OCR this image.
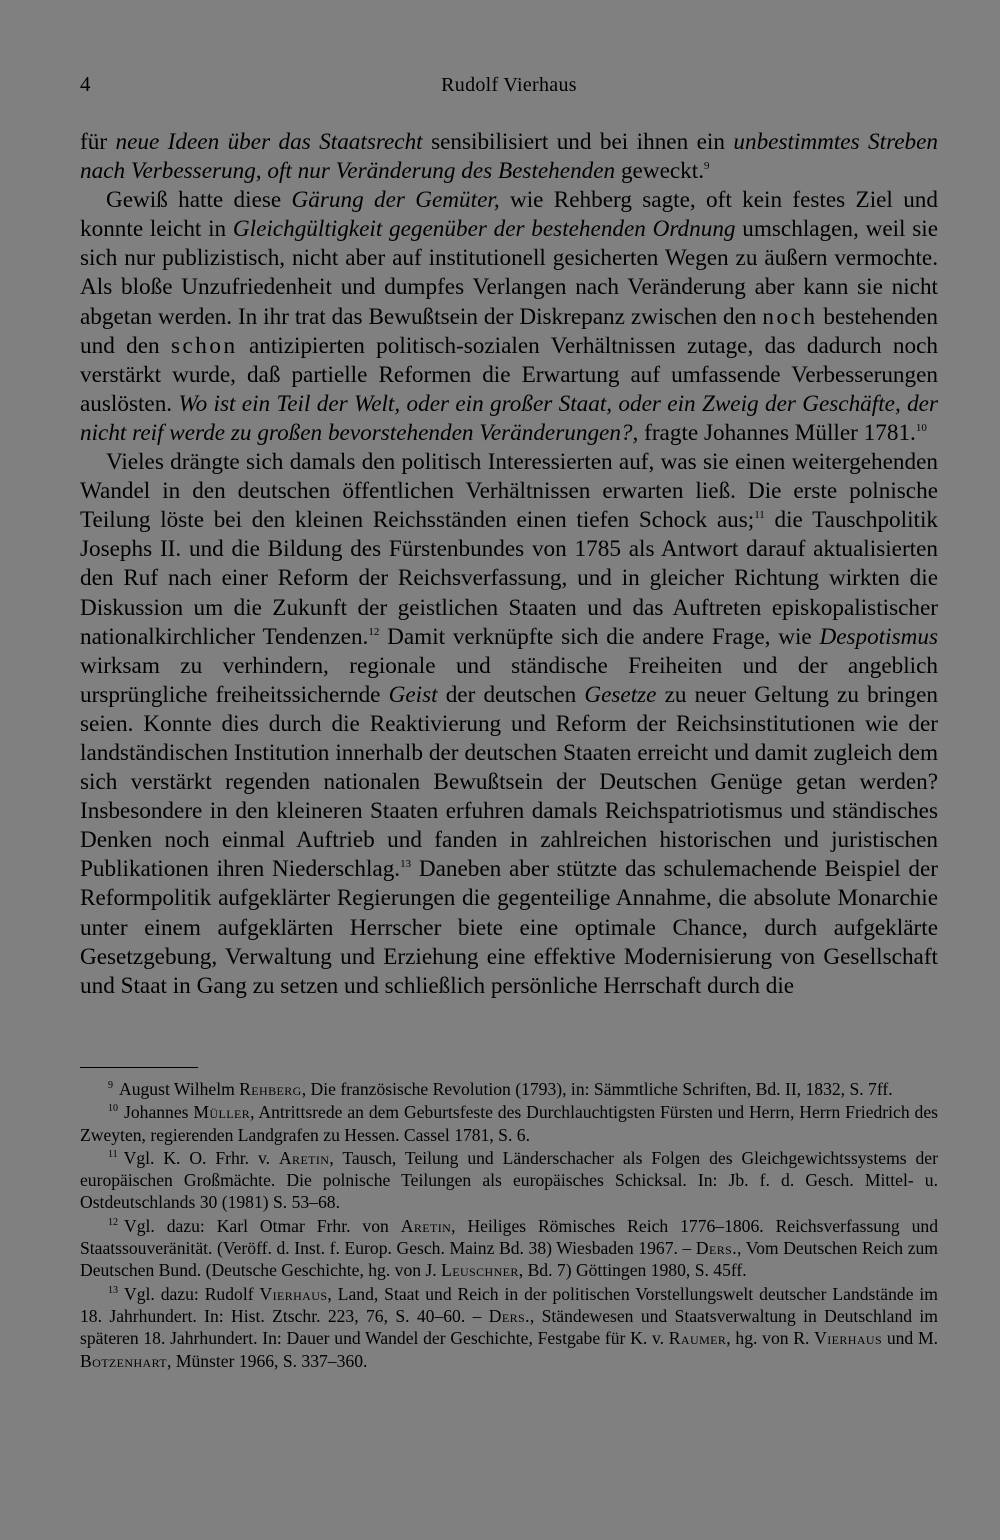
4	Rudolf Vierhaus

für neue Ideen über das Staatsrecht sensibilisiert und bei ihnen ein unbestimmtes Streben nach Verbesserung, oft nur Veränderung des Bestehenden geweckt.$^9$

Gewiß hatte diese Gärung der Gemüter, wie Rehberg sagte, oft kein festes Ziel und konnte leicht in Gleichgültigkeit gegenüber der bestehenden Ordnung umschlagen, weil sie sich nur publizistisch, nicht aber auf institutionell gesicherten Wegen zu äußern vermochte. Als bloße Unzufriedenheit und dumpfes Verlangen nach Veränderung aber kann sie nicht abgetan werden. In ihr trat das Bewußtsein der Diskrepanz zwischen den noch bestehenden und den schon antizipierten politisch-sozialen Verhältnissen zutage, das dadurch noch verstärkt wurde, daß partielle Reformen die Erwartung auf umfassende Verbesserungen auslösten. Wo ist ein Teil der Welt, oder ein großer Staat, oder ein Zweig der Geschäfte, der nicht reif werde zu großen bevorstehenden Veränderungen?, fragte Johannes Müller 1781.10

Vieles drängte sich damals den politisch Interessierten auf, was sie einen weitergehenden Wandel in den deutschen öffentlichen Verhältnissen erwarten ließ. Die erste polnische Teilung löste bei den kleinen Reichsständen einen tiefen Schock aus;$^{11}$ die Tauschpolitik Josephs II. und die Bildung des Fürstenbundes von 1785 als Antwort darauf aktualisierten den Ruf nach einer Reform der Reichsverfassung, und in gleicher Richtung wirkten die Diskussion um die Zukunft der geistlichen Staaten und das Auftreten episkopalistischer nationalkirchlicher Tendenzen.$^{12}$ Damit verknüpfte sich die andere Frage, wie Despotismus wirksam zu verhindern, regionale und ständische Freiheiten und der angeblich ursprüngliche freiheitssichernde Geist der deutschen Gesetze zu neuer Geltung zu bringen seien. Konnte dies durch die Reaktivierung und Reform der Reichsinstitutionen wie der landständischen Institution innerhalb der deutschen Staaten erreicht und damit zugleich dem sich verstärkt regenden nationalen Bewußtsein der Deutschen Genüge getan werden? Insbesondere in den kleineren Staaten erfuhren damals Reichspatriotismus und ständisches Denken noch einmal Auftrieb und fanden in zahlreichen historischen und juristischen Publikationen ihren Niederschlag.$^{13}$ Daneben aber stützte das schulemachende Beispiel der Reformpolitik aufgeklärter Regierungen die gegenteilige Annahme, die absolute Monarchie unter einem aufgeklärten Herrscher biete eine optimale Chance, durch aufgeklärte Gesetzgebung, Verwaltung und Erziehung eine effektive Modernisierung von Gesellschaft und Staat in Gang zu setzen und schließlich persönliche Herrschaft durch die

$^9$ August Wilhelm Rehberg, Die französische Revolution (1793), in: Sämmtliche Schriften, Bd. II, 1832, S. 7ff.

$^{10}$ Johannes Müller, Antrittsrede an dem Geburtsfeste des Durchlauchtigsten Fürsten und Herrn, Herrn Friedrich des Zweyten, regierenden Landgrafen zu Hessen. Cassel 1781, S. 6.

$^{11}$ Vgl. K. O. Frhr. v. Aretin, Tausch, Teilung und Länderschacher als Folgen des Gleichgewichtssystems der europäischen Großmächte. Die polnische Teilungen als europäisches Schicksal. In: Jb. f. d. Gesch. Mittel- u. Ostdeutschlands 30 (1981) S. 53–68.

$^{12}$ Vgl. dazu: Karl Otmar Frhr. von Aretin, Heiliges Römisches Reich 1776–1806. Reichsverfassung und Staatssouveränität. (Veröff. d. Inst. f. Europ. Gesch. Mainz Bd. 38) Wiesbaden 1967. – Ders., Vom Deutschen Reich zum Deutschen Bund. (Deutsche Geschichte, hg. von J. Leuschner, Bd. 7) Göttingen 1980, S. 45ff.

$^{13}$ Vgl. dazu: Rudolf Vierhaus, Land, Staat und Reich in der politischen Vorstellungswelt deutscher Landstände im 18. Jahrhundert. In: Hist. Ztschr. 223, 76, S. 40–60. – Ders., Ständewesen und Staatsverwaltung in Deutschland im späteren 18. Jahrhundert. In: Dauer und Wandel der Geschichte, Festgabe für K. v. Raumer, hg. von R. Vierhaus und M. Botzenhart, Münster 1966, S. 337–360.
